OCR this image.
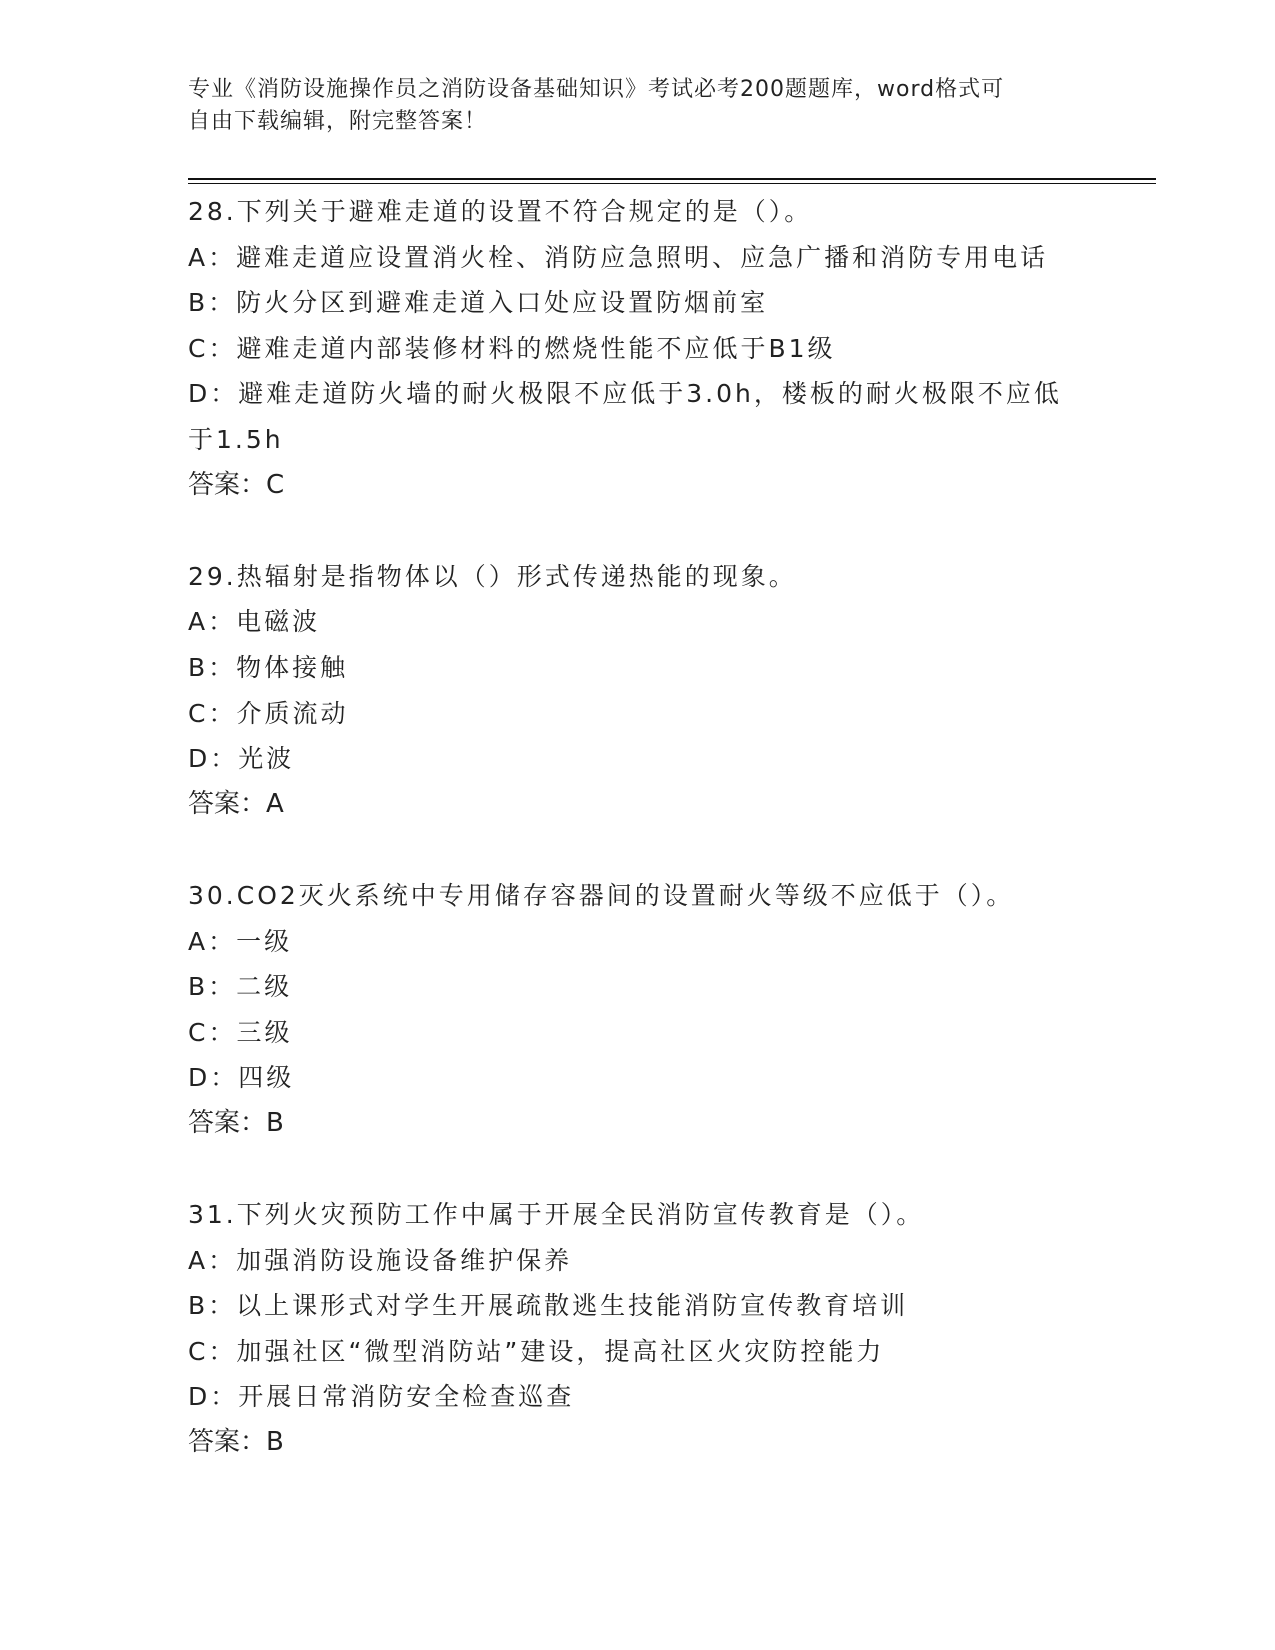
专业《消防设施操作员之消防设备基础知识》考试必考200题题库，word格式可
自由下载编辑，附完整答案！
28.下列关于避难走道的设置不符合规定的是（）。
A：避难走道应设置消火栓、消防应急照明、应急广播和消防专用电话
B：防火分区到避难走道入口处应设置防烟前室
C：避难走道内部装修材料的燃烧性能不应低于B1级
D：避难走道防火墙的耐火极限不应低于3.0h，楼板的耐火极限不应低
于1.5h
答案：C
29.热辐射是指物体以（）形式传递热能的现象。
A：电磁波
B：物体接触
C：介质流动
D：光波
答案：A
30.CO2灭火系统中专用储存容器间的设置耐火等级不应低于（）。
A：一级
B：二级
C：三级
D：四级
答案：B
31.下列火灾预防工作中属于开展全民消防宣传教育是（）。
A：加强消防设施设备维护保养
B：以上课形式对学生开展疏散逃生技能消防宣传教育培训
C：加强社区“微型消防站”建设，提高社区火灾防控能力
D：开展日常消防安全检查巡查
答案：B
